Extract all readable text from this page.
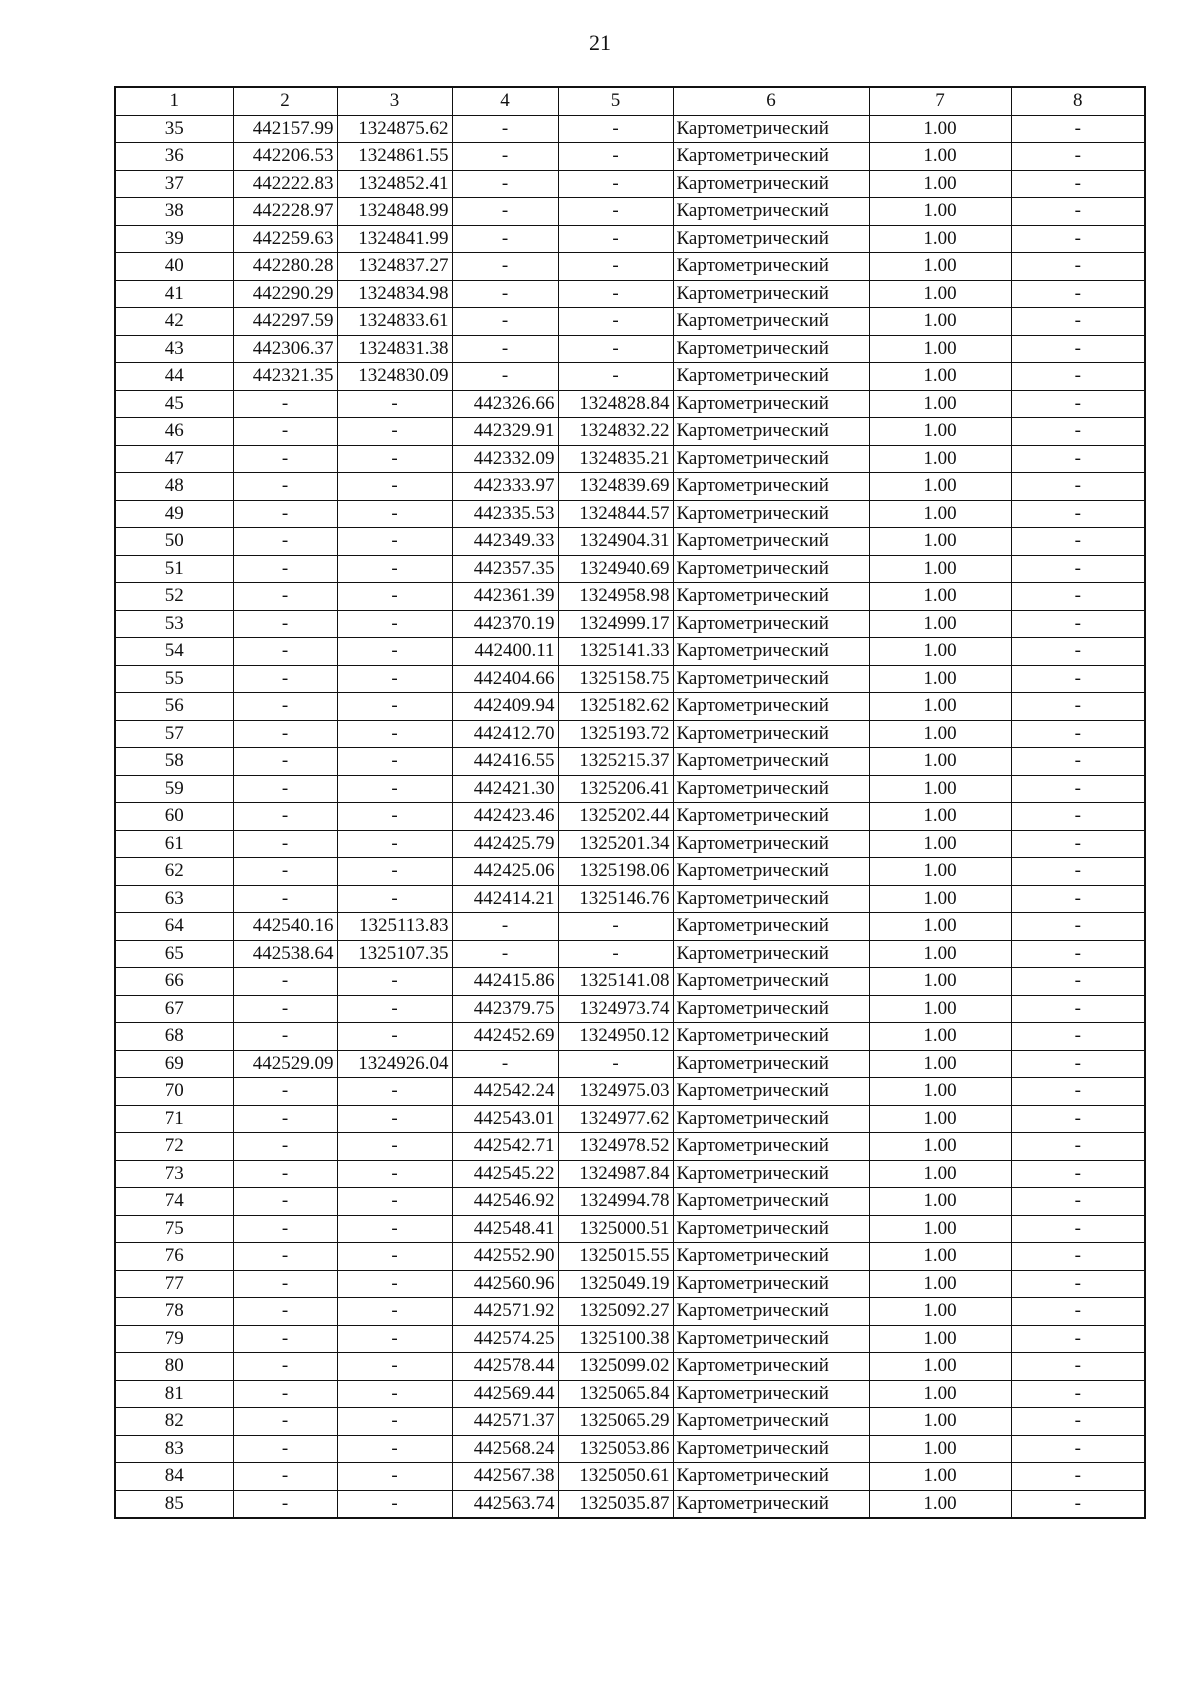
21
1	2	3	4	5	6	7	8
35	442157.99	1324875.62	-	-	Картометрический	1.00	-
36	442206.53	1324861.55	-	-	Картометрический	1.00	-
37	442222.83	1324852.41	-	-	Картометрический	1.00	-
38	442228.97	1324848.99	-	-	Картометрический	1.00	-
39	442259.63	1324841.99	-	-	Картометрический	1.00	-
40	442280.28	1324837.27	-	-	Картометрический	1.00	-
41	442290.29	1324834.98	-	-	Картометрический	1.00	-
42	442297.59	1324833.61	-	-	Картометрический	1.00	-
43	442306.37	1324831.38	-	-	Картометрический	1.00	-
44	442321.35	1324830.09	-	-	Картометрический	1.00	-
45	-	-	442326.66	1324828.84	Картометрический	1.00	-
46	-	-	442329.91	1324832.22	Картометрический	1.00	-
47	-	-	442332.09	1324835.21	Картометрический	1.00	-
48	-	-	442333.97	1324839.69	Картометрический	1.00	-
49	-	-	442335.53	1324844.57	Картометрический	1.00	-
50	-	-	442349.33	1324904.31	Картометрический	1.00	-
51	-	-	442357.35	1324940.69	Картометрический	1.00	-
52	-	-	442361.39	1324958.98	Картометрический	1.00	-
53	-	-	442370.19	1324999.17	Картометрический	1.00	-
54	-	-	442400.11	1325141.33	Картометрический	1.00	-
55	-	-	442404.66	1325158.75	Картометрический	1.00	-
56	-	-	442409.94	1325182.62	Картометрический	1.00	-
57	-	-	442412.70	1325193.72	Картометрический	1.00	-
58	-	-	442416.55	1325215.37	Картометрический	1.00	-
59	-	-	442421.30	1325206.41	Картометрический	1.00	-
60	-	-	442423.46	1325202.44	Картометрический	1.00	-
61	-	-	442425.79	1325201.34	Картометрический	1.00	-
62	-	-	442425.06	1325198.06	Картометрический	1.00	-
63	-	-	442414.21	1325146.76	Картометрический	1.00	-
64	442540.16	1325113.83	-	-	Картометрический	1.00	-
65	442538.64	1325107.35	-	-	Картометрический	1.00	-
66	-	-	442415.86	1325141.08	Картометрический	1.00	-
67	-	-	442379.75	1324973.74	Картометрический	1.00	-
68	-	-	442452.69	1324950.12	Картометрический	1.00	-
69	442529.09	1324926.04	-	-	Картометрический	1.00	-
70	-	-	442542.24	1324975.03	Картометрический	1.00	-
71	-	-	442543.01	1324977.62	Картометрический	1.00	-
72	-	-	442542.71	1324978.52	Картометрический	1.00	-
73	-	-	442545.22	1324987.84	Картометрический	1.00	-
74	-	-	442546.92	1324994.78	Картометрический	1.00	-
75	-	-	442548.41	1325000.51	Картометрический	1.00	-
76	-	-	442552.90	1325015.55	Картометрический	1.00	-
77	-	-	442560.96	1325049.19	Картометрический	1.00	-
78	-	-	442571.92	1325092.27	Картометрический	1.00	-
79	-	-	442574.25	1325100.38	Картометрический	1.00	-
80	-	-	442578.44	1325099.02	Картометрический	1.00	-
81	-	-	442569.44	1325065.84	Картометрический	1.00	-
82	-	-	442571.37	1325065.29	Картометрический	1.00	-
83	-	-	442568.24	1325053.86	Картометрический	1.00	-
84	-	-	442567.38	1325050.61	Картометрический	1.00	-
85	-	-	442563.74	1325035.87	Картометрический	1.00	-
